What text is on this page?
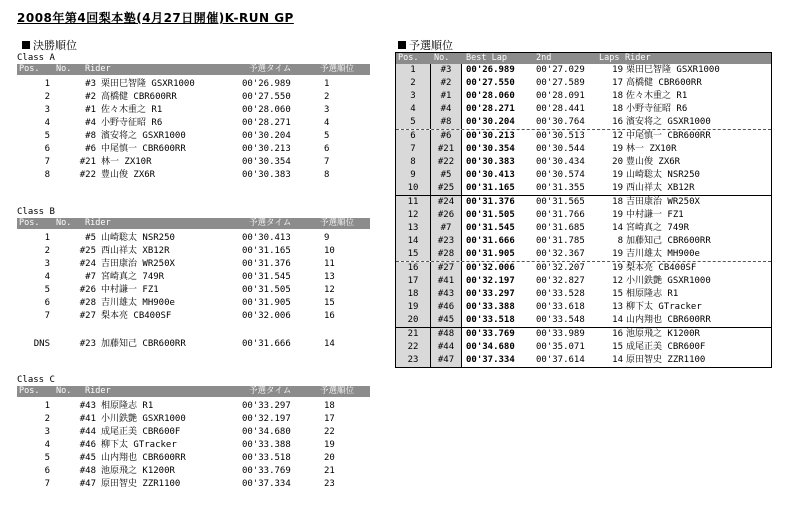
2008年第4回梨本塾(4月27日開催)K-RUN GP
決勝順位
Class A
Pos. No. Rider	予選タイム	予選順位
1	#3 栗田巳智隆 GSXR1000	00'26.989	1
2	#2 高橋健 CBR600RR	00'27.550	2
3	#1 佐々木重之 R1	00'28.060	3
4	#4 小野寺征昭 R6	00'28.271	4
5	#8 濱安将之 GSXR1000	00'30.204	5
6	#6 中尾慎一 CBR600RR	00'30.213	6
7	#21 林一 ZX10R	00'30.354	7
8	#22 豊山俊 ZX6R	00'30.383	8
Class B
Pos. No. Rider	予選タイム	予選順位
1	#5 山崎聡太 NSR250	00'30.413	9
2	#25 西山祥太 XB12R	00'31.165	10
3	#24 吉田康治 WR250X	00'31.376	11
4	#7 宮崎真之 749R	00'31.545	13
5	#26 中村謙一 FZ1	00'31.505	12
6	#28 吉川雄太 MH900e	00'31.905	15
7	#27 梨本亮 CB400SF	00'32.006	16
DNS	#23 加藤知己 CBR600RR	00'31.666	14
Class C
Pos. No. Rider	予選タイム	予選順位
1	#43 相原隆志 R1	00'33.297	18
2	#41 小川鉄艶 GSXR1000	00'32.197	17
3	#44 成尾正美 CBR600F	00'34.680	22
4	#46 柳下太 GTracker	00'33.388	19
5	#45 山内翔也 CBR600RR	00'33.518	20
6	#48 池原飛之 K1200R	00'33.769	21
7	#47 原田智史 ZZR1100	00'37.334	23
予選順位
Pos. No. Best Lap	2nd	Laps Rider
1	#3	00'26.989 00'27.029	19 栗田巳智隆 GSXR1000
2	#2	00'27.550 00'27.589	17 高橋健 CBR600RR
3	#1	00'28.060 00'28.091	18 佐々木重之 R1
4	#4	00'28.271 00'28.441	18 小野寺征昭 R6
5	#8	00'30.204 00'30.764	16 濱安将之 GSXR1000
6	#6	00'30.213 00'30.513	12 中尾慎一 CBR600RR
7	#21	00'30.354 00'30.544	19 林一 ZX10R
8	#22	00'30.383 00'30.434	20 豊山俊 ZX6R
9	#5	00'30.413 00'30.574	19 山崎聡太 NSR250
10	#25	00'31.165 00'31.355	19 西山祥太 XB12R
11	#24	00'31.376 00'31.565	18 吉田康治 WR250X
12	#26	00'31.505 00'31.766	19 中村謙一 FZ1
13	#7	00'31.545 00'31.685	14 宮崎真之 749R
14	#23	00'31.666 00'31.785	8 加藤知己 CBR600RR
15	#28	00'31.905 00'32.367	19 吉川雄太 MH900e
16	#27	00'32.006 00'32.207	19 梨本亮 CB400SF
17	#41	00'32.197 00'32.827	12 小川鉄艶 GSXR1000
18	#43	00'33.297 00'33.528	15 相原隆志 R1
19	#46	00'33.388 00'33.618	13 柳下太 GTracker
20	#45	00'33.518 00'33.548	14 山内翔也 CBR600RR
21	#48	00'33.769 00'33.989	16 池原飛之 K1200R
22	#44	00'34.680 00'35.071	15 成尾正美 CBR600F
23	#47	00'37.334 00'37.614	14 原田智史 ZZR1100
